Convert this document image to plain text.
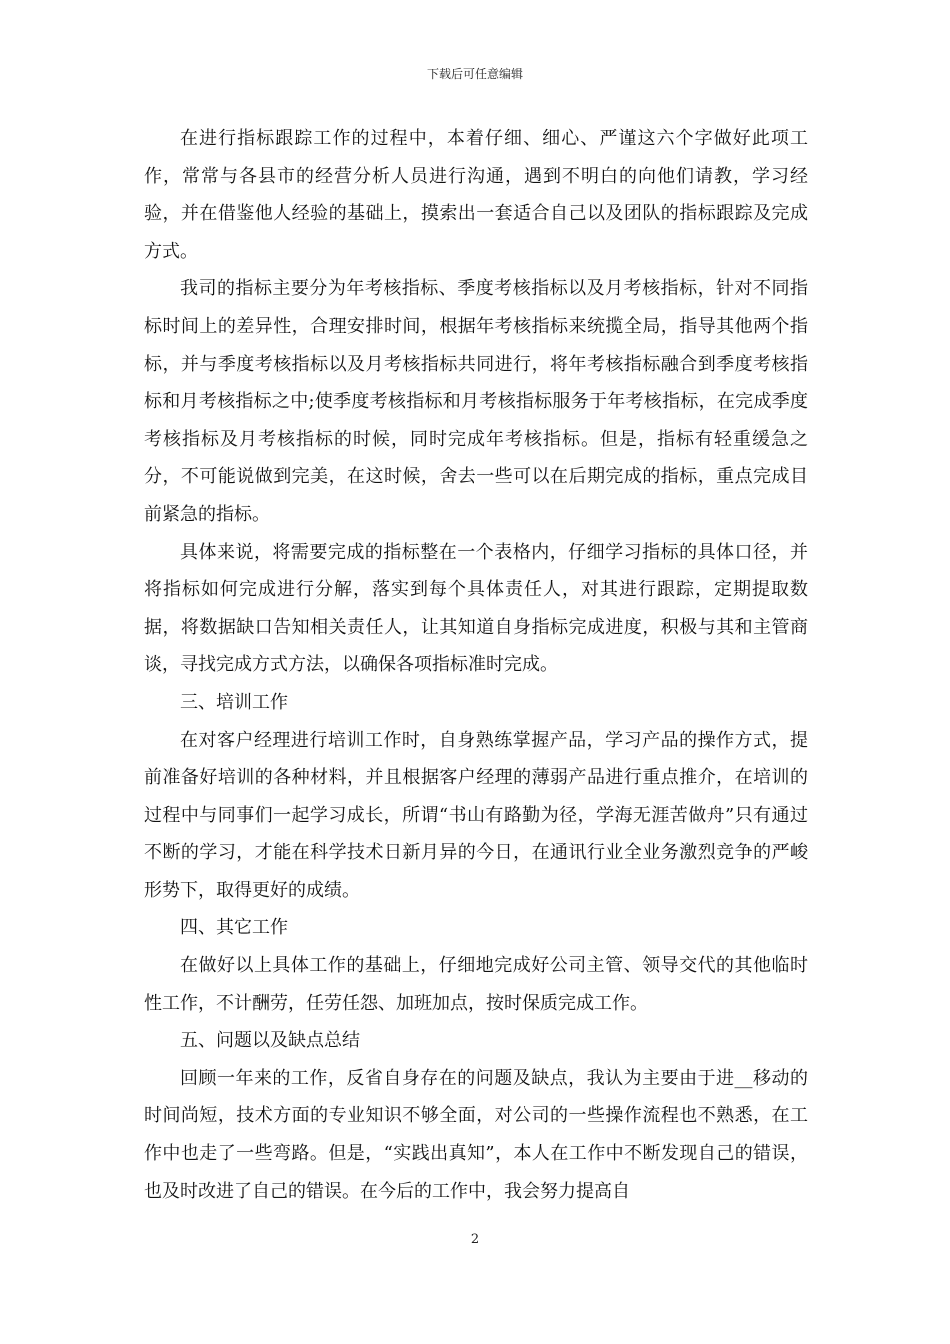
下载后可任意编辑

在进行指标跟踪工作的过程中，本着仔细、细心、严谨这六个字做好此项工作，常常与各县市的经营分析人员进行沟通，遇到不明白的向他们请教，学习经验，并在借鉴他人经验的基础上，摸索出一套适合自己以及团队的指标跟踪及完成方式。

我司的指标主要分为年考核指标、季度考核指标以及月考核指标，针对不同指标时间上的差异性，合理安排时间，根据年考核指标来统揽全局，指导其他两个指标，并与季度考核指标以及月考核指标共同进行，将年考核指标融合到季度考核指标和月考核指标之中;使季度考核指标和月考核指标服务于年考核指标，在完成季度考核指标及月考核指标的时候，同时完成年考核指标。但是，指标有轻重缓急之分，不可能说做到完美，在这时候，舍去一些可以在后期完成的指标，重点完成目前紧急的指标。

具体来说，将需要完成的指标整在一个表格内，仔细学习指标的具体口径，并将指标如何完成进行分解，落实到每个具体责任人，对其进行跟踪，定期提取数据，将数据缺口告知相关责任人，让其知道自身指标完成进度，积极与其和主管商谈，寻找完成方式方法，以确保各项指标准时完成。

三、培训工作

在对客户经理进行培训工作时，自身熟练掌握产品，学习产品的操作方式，提前准备好培训的各种材料，并且根据客户经理的薄弱产品进行重点推介，在培训的过程中与同事们一起学习成长，所谓“书山有路勤为径，学海无涯苦做舟”只有通过不断的学习，才能在科学技术日新月异的今日，在通讯行业全业务激烈竞争的严峻形势下，取得更好的成绩。

四、其它工作

在做好以上具体工作的基础上，仔细地完成好公司主管、领导交代的其他临时性工作，不计酬劳，任劳任怨、加班加点，按时保质完成工作。

五、问题以及缺点总结

回顾一年来的工作，反省自身存在的问题及缺点，我认为主要由于进__移动的时间尚短，技术方面的专业知识不够全面，对公司的一些操作流程也不熟悉，在工作中也走了一些弯路。但是，“实践出真知”，本人在工作中不断发现自己的错误，也及时改进了自己的错误。在今后的工作中，我会努力提高自

2
